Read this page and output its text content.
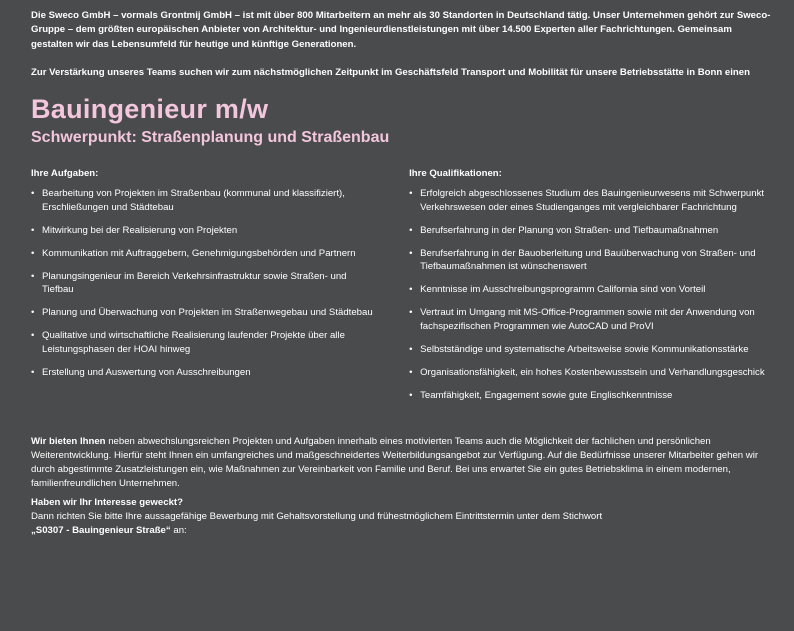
Die Sweco GmbH – vormals Grontmij GmbH – ist mit über 800 Mitarbeitern an mehr als 30 Standorten in Deutschland tätig. Unser Unternehmen gehört zur Sweco-Gruppe – dem größten europäischen Anbieter von Architektur- und Ingenieurdienstleistungen mit über 14.500 Experten aller Fachrichtungen. Gemeinsam gestalten wir das Lebensumfeld für heutige und künftige Generationen.

Zur Verstärkung unseres Teams suchen wir zum nächstmöglichen Zeitpunkt im Geschäftsfeld Transport und Mobilität für unsere Betriebsstätte in Bonn einen

Bauingenieur m/w
Schwerpunkt: Straßenplanung und Straßenbau

Ihre Aufgaben:

• Bearbeitung von Projekten im Straßenbau (kommunal und klassifiziert), Erschließungen und Städtebau
• Mitwirkung bei der Realisierung von Projekten
• Kommunikation mit Auftraggebern, Genehmigungsbehörden und Partnern
• Planungsingenieur im Bereich Verkehrsinfrastruktur sowie Straßen- und Tiefbau
• Planung und Überwachung von Projekten im Straßenwegebau und Städtebau
• Qualitative und wirtschaftliche Realisierung laufender Projekte über alle Leistungsphasen der HOAI hinweg
• Erstellung und Auswertung von Ausschreibungen

Ihre Qualifikationen:

• Erfolgreich abgeschlossenes Studium des Bauingenieurwesens mit Schwerpunkt Verkehrswesen oder eines Studienganges mit vergleichbarer Fachrichtung
• Berufserfahrung in der Planung von Straßen- und Tiefbaumaßnahmen
• Berufserfahrung in der Bauoberleitung und Bauüberwachung von Straßen- und Tiefbaumaßnahmen ist wünschenswert
• Kenntnisse im Ausschreibungsprogramm California sind von Vorteil
• Vertraut im Umgang mit MS-Office-Programmen sowie mit der Anwendung von fachspezifischen Programmen wie AutoCAD und ProVI
• Selbstständige und systematische Arbeitsweise sowie Kommunikationsstärke
• Organisationsfähigkeit, ein hohes Kostenbewusstsein und Verhandlungsgeschick
• Teamfähigkeit, Engagement sowie gute Englischkenntnisse

Wir bieten Ihnen neben abwechslungsreichen Projekten und Aufgaben innerhalb eines motivierten Teams auch die Möglichkeit der fachlichen und persönlichen Weiterentwicklung. Hierfür steht Ihnen ein umfangreiches und maßgeschneidertes Weiterbildungsangebot zur Verfügung. Auf die Bedürfnisse unserer Mitarbeiter gehen wir durch abgestimmte Zusatzleistungen ein, wie Maßnahmen zur Vereinbarkeit von Familie und Beruf. Bei uns erwartet Sie ein gutes Betriebsklima in einem modernen, familienfreundlichen Unternehmen.

Haben wir Ihr Interesse geweckt?
Dann richten Sie bitte Ihre aussagefähige Bewerbung mit Gehaltsvorstellung und frühestmöglichem Eintrittstermin unter dem Stichwort
„S0307 - Bauingenieur Straße“ an:
